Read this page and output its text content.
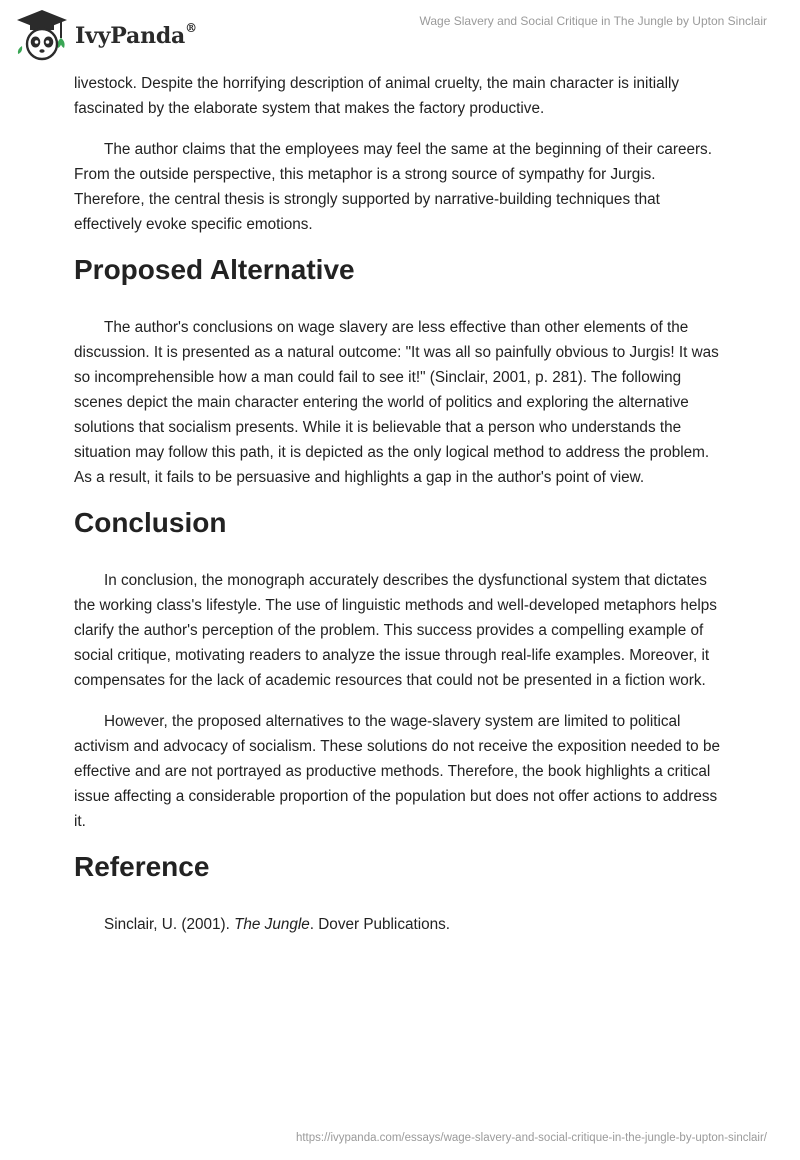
IvyPanda®	Wage Slavery and Social Critique in The Jungle by Upton Sinclair

livestock. Despite the horrifying description of animal cruelty, the main character is initially fascinated by the elaborate system that makes the factory productive.

The author claims that the employees may feel the same at the beginning of their careers. From the outside perspective, this metaphor is a strong source of sympathy for Jurgis. Therefore, the central thesis is strongly supported by narrative-building techniques that effectively evoke specific emotions.

Proposed Alternative

The author's conclusions on wage slavery are less effective than other elements of the discussion. It is presented as a natural outcome: "It was all so painfully obvious to Jurgis! It was so incomprehensible how a man could fail to see it!" (Sinclair, 2001, p. 281). The following scenes depict the main character entering the world of politics and exploring the alternative solutions that socialism presents. While it is believable that a person who understands the situation may follow this path, it is depicted as the only logical method to address the problem. As a result, it fails to be persuasive and highlights a gap in the author's point of view.

Conclusion

In conclusion, the monograph accurately describes the dysfunctional system that dictates the working class's lifestyle. The use of linguistic methods and well-developed metaphors helps clarify the author's perception of the problem. This success provides a compelling example of social critique, motivating readers to analyze the issue through real-life examples. Moreover, it compensates for the lack of academic resources that could not be presented in a fiction work.

However, the proposed alternatives to the wage-slavery system are limited to political activism and advocacy of socialism. These solutions do not receive the exposition needed to be effective and are not portrayed as productive methods. Therefore, the book highlights a critical issue affecting a considerable proportion of the population but does not offer actions to address it.

Reference
Sinclair, U. (2001). The Jungle. Dover Publications.
https://ivypanda.com/essays/wage-slavery-and-social-critique-in-the-jungle-by-upton-sinclair/
